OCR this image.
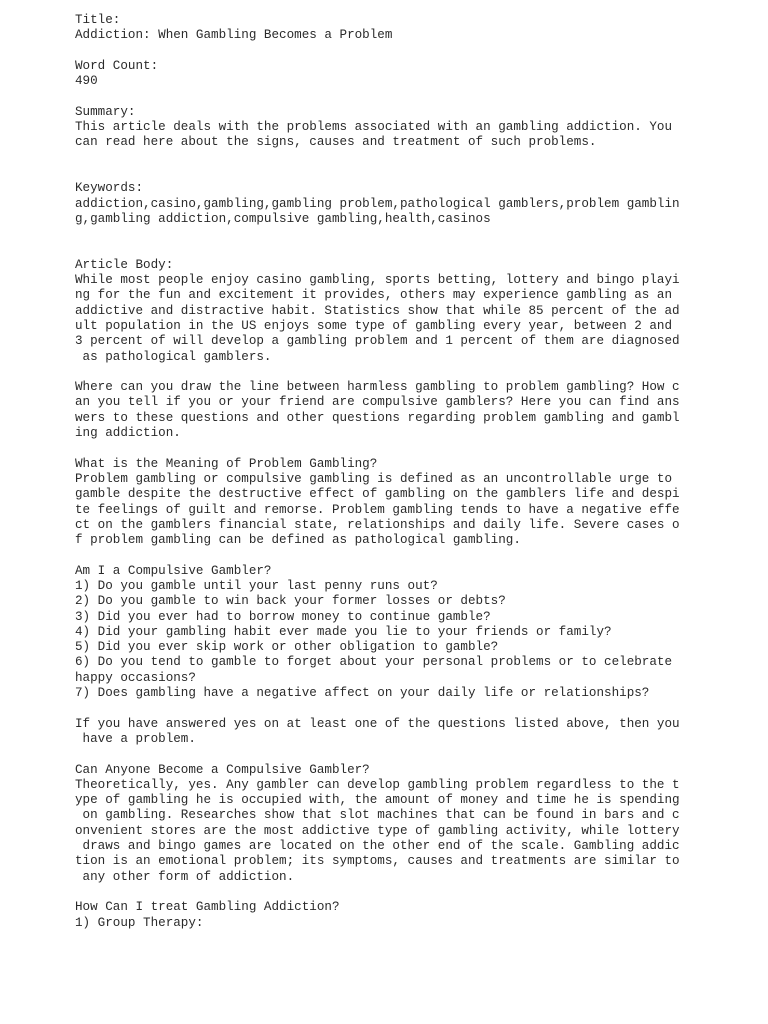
Title:
Addiction: When Gambling Becomes a Problem
Word Count:
490
Summary:
This article deals with the problems associated with an gambling addiction. You
can read here about the signs, causes and treatment of such problems.
Keywords:
addiction,casino,gambling,gambling problem,pathological gamblers,problem gamblin
g,gambling addiction,compulsive gambling,health,casinos
Article Body:
While most people enjoy casino gambling, sports betting, lottery and bingo playi
ng for the fun and excitement it provides, others may experience gambling as an
addictive and distractive habit. Statistics show that while 85 percent of the ad
ult population in the US enjoys some type of gambling every year, between 2 and
3 percent of will develop a gambling problem and 1 percent of them are diagnosed
as pathological gamblers.
Where can you draw the line between harmless gambling to problem gambling? How c
an you tell if you or your friend are compulsive gamblers? Here you can find ans
wers to these questions and other questions regarding problem gambling and gambl
ing addiction.
What is the Meaning of Problem Gambling?
Problem gambling or compulsive gambling is defined as an uncontrollable urge to
gamble despite the destructive effect of gambling on the gamblers life and despi
te feelings of guilt and remorse. Problem gambling tends to have a negative effe
ct on the gamblers financial state, relationships and daily life. Severe cases o
f problem gambling can be defined as pathological gambling.
Am I a Compulsive Gambler?
1) Do you gamble until your last penny runs out?
2) Do you gamble to win back your former losses or debts?
3) Did you ever had to borrow money to continue gamble?
4) Did your gambling habit ever made you lie to your friends or family?
5) Did you ever skip work or other obligation to gamble?
6) Do you tend to gamble to forget about your personal problems or to celebrate
happy occasions?
7) Does gambling have a negative affect on your daily life or relationships?
If you have answered yes on at least one of the questions listed above, then you
have a problem.
Can Anyone Become a Compulsive Gambler?
Theoretically, yes. Any gambler can develop gambling problem regardless to the t
ype of gambling he is occupied with, the amount of money and time he is spending
on gambling. Researches show that slot machines that can be found in bars and c
onvenient stores are the most addictive type of gambling activity, while lottery
draws and bingo games are located on the other end of the scale. Gambling addic
tion is an emotional problem; its symptoms, causes and treatments are similar to
any other form of addiction.
How Can I treat Gambling Addiction?
1) Group Therapy:
